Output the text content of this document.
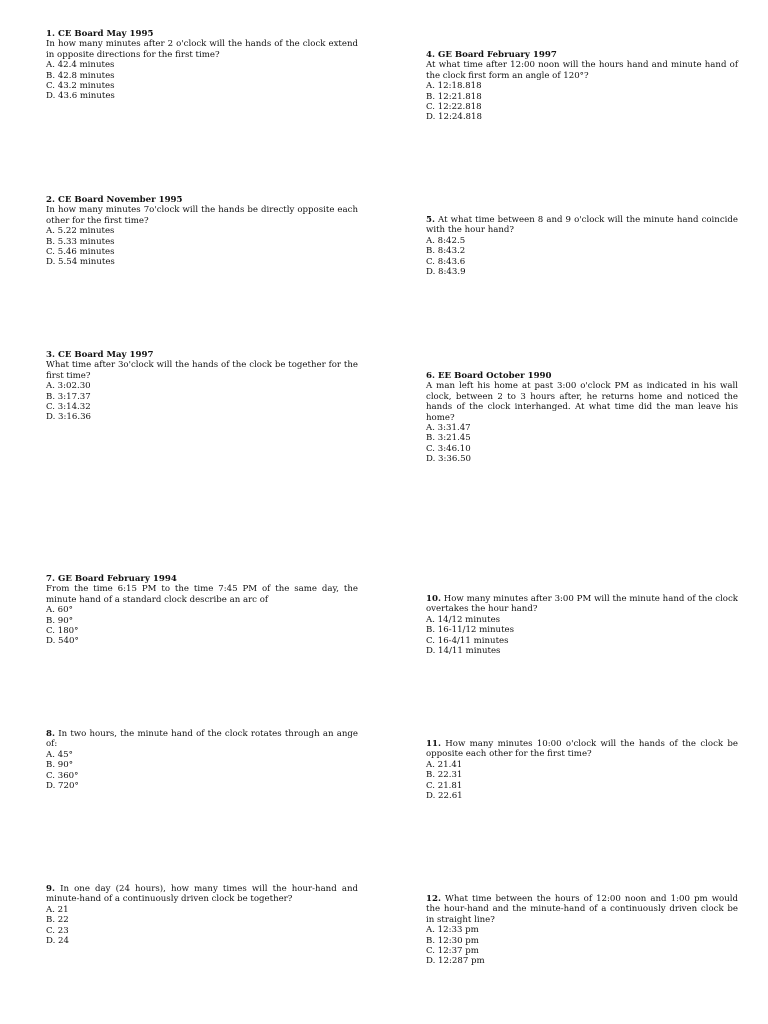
1. CE Board May 1995

In how many minutes after 2 o'clock will the hands of the clock extend in opposite directions for the first time?

A. 42.4 minutes
B. 42.8 minutes
C. 43.2 minutes
D. 43.6 minutes
2. CE Board November 1995

In how many minutes 7o'clock will the hands be directly opposite each other for the first time?

A. 5.22 minutes
B. 5.33 minutes
C. 5.46 minutes
D. 5.54 minutes
3. CE Board May 1997

What time after 3o'clock will the hands of the clock be together for the first time?

A. 3:02.30
B. 3:17.37
C. 3:14.32
D. 3:16.36
4. GE Board February 1997

At what time after 12:00 noon will the hours hand and minute hand of the clock first form an angle of 120°?

A. 12:18.818
B. 12:21.818
C. 12:22.818
D. 12:24.818

5. At what time between 8 and 9 o'clock will the minute hand coincide with the hour hand?

A. 8:42.5
B. 8:43.2
C. 8:43.6
D. 8:43.9
6. EE Board October 1990

A man left his home at past 3:00 o'clock PM as indicated in his wall clock, between 2 to 3 hours after, he returns home and noticed the hands of the clock interhanged. At what time did the man leave his home?

A. 3:31.47
B. 3:21.45
C. 3:46.10
D. 3:36.50
7. GE Board February 1994

From the time 6:15 PM to the time 7:45 PM of the same day, the minute hand of a standard clock describe an arc of

A. 60°
B. 90°
C. 180°
D. 540°

8. In two hours, the minute hand of the clock rotates through an ange of:

A. 45°
B. 90°
C. 360°
D. 720°

9. In one day (24 hours), how many times will the hour-hand and minute-hand of a continuously driven clock be together?

A. 21
B. 22
C. 23
D. 24

10. How many minutes after 3:00 PM will the minute hand of the clock overtakes the hour hand?

A. 14/12 minutes
B. 16-11/12 minutes
C. 16-4/11 minutes
D. 14/11 minutes

11. How many minutes 10:00 o'clock will the hands of the clock be opposite each other for the first time?

A. 21.41
B. 22.31
C. 21.81
D. 22.61

12. What time between the hours of 12:00 noon and 1:00 pm would the hour-hand and the minute-hand of a continuously driven clock be in straight line?

A. 12:33 pm
B. 12:30 pm
C. 12:37 pm
D. 12:287 pm
